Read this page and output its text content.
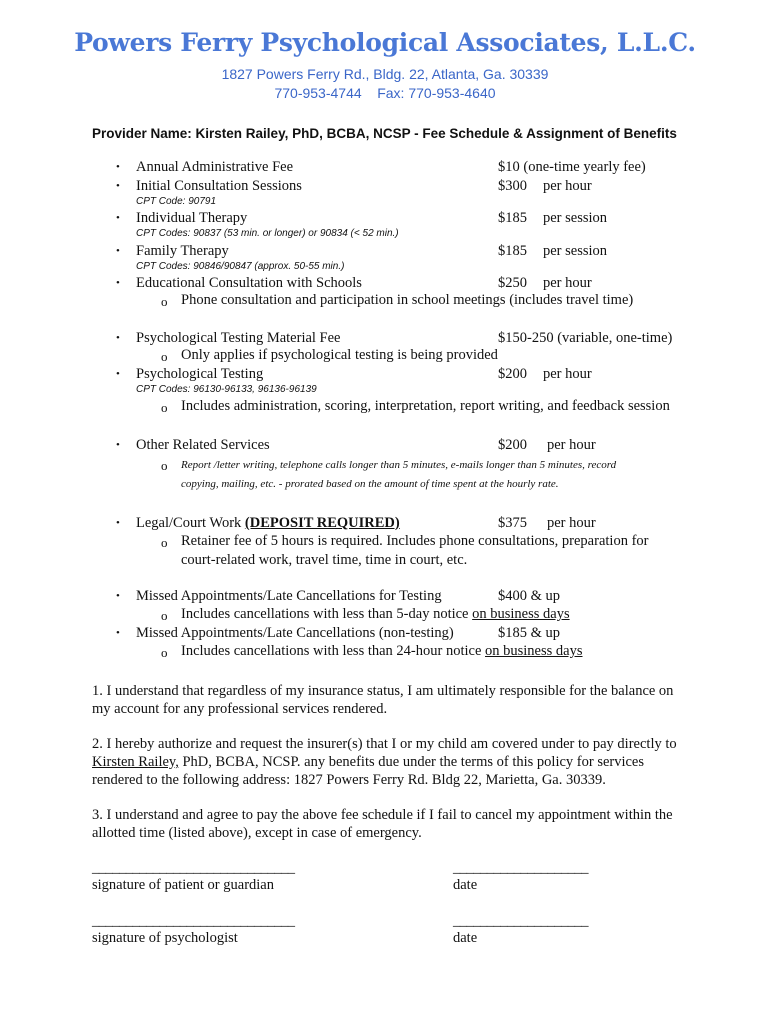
Powers Ferry Psychological Associates, L.L.C.
1827 Powers Ferry Rd., Bldg. 22, Atlanta, Ga. 30339
770-953-4744 Fax: 770-953-4640
Provider Name: Kirsten Railey, PhD, BCBA, NCSP - Fee Schedule & Assignment of Benefits
• Annual Administrative Fee	$10 (one-time yearly fee)
• Initial Consultation Sessions	$300 per hour
CPT Code: 90791
• Individual Therapy	$185 per session
CPT Codes: 90837 (53 min. or longer) or 90834 (< 52 min.)
• Family Therapy	$185 per session
CPT Codes: 90846/90847 (approx. 50-55 min.)
• Educational Consultation with Schools	$250 per hour
o Phone consultation and participation in school meetings (includes travel time)
• Psychological Testing Material Fee	$150-250 (variable, one-time)
o Only applies if psychological testing is being provided
• Psychological Testing	$200 per hour
CPT Codes: 96130-96133, 96136-96139
o Includes administration, scoring, interpretation, report writing, and feedback session
• Other Related Services	$200 per hour
o Report /letter writing, telephone calls longer than 5 minutes, e-mails longer than 5 minutes, record
copying, mailing, etc. - prorated based on the amount of time spent at the hourly rate.
• Legal/Court Work (DEPOSIT REQUIRED)	$375 per hour
o Retainer fee of 5 hours is required. Includes phone consultations, preparation for
court-related work, travel time, time in court, etc.
• Missed Appointments/Late Cancellations for Testing	$400 & up
o Includes cancellations with less than 5-day notice on business days
• Missed Appointments/Late Cancellations (non-testing)	$185 & up
o Includes cancellations with less than 24-hour notice on business days
1. I understand that regardless of my insurance status, I am ultimately responsible for the balance on my account for any professional services rendered.
2. I hereby authorize and request the insurer(s) that I or my child am covered under to pay directly to
Kirsten Railey, PhD, BCBA, NCSP. any benefits due under the terms of this policy for services
rendered to the following address: 1827 Powers Ferry Rd. Bldg 22, Marietta, Ga. 30339.
3. I understand and agree to pay the above fee schedule if I fail to cancel my appointment within the allotted time (listed above), except in case of emergency.
______________________________	____________________
signature of patient or guardian	date
______________________________	____________________
signature of psychologist	date
